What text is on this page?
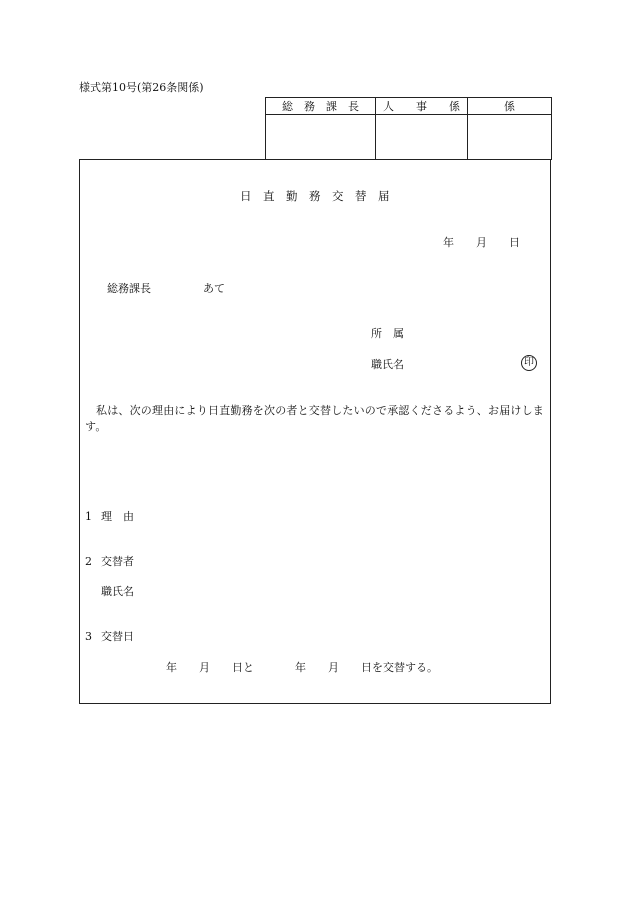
様式第10号(第26条関係)
総　務　課　長	人　　事　　係	係

日　直　勤　務　交　替　届
年　　月　　日
総務課長	あて
所　属
職氏名	印
私は、次の理由により日直勤務を次の者と交替したいので承認くださるよう、お届けします。
1 理　由
2 交替者
職氏名
3 交替日
年　　月　　日と	年　　月　　日を交替する。
